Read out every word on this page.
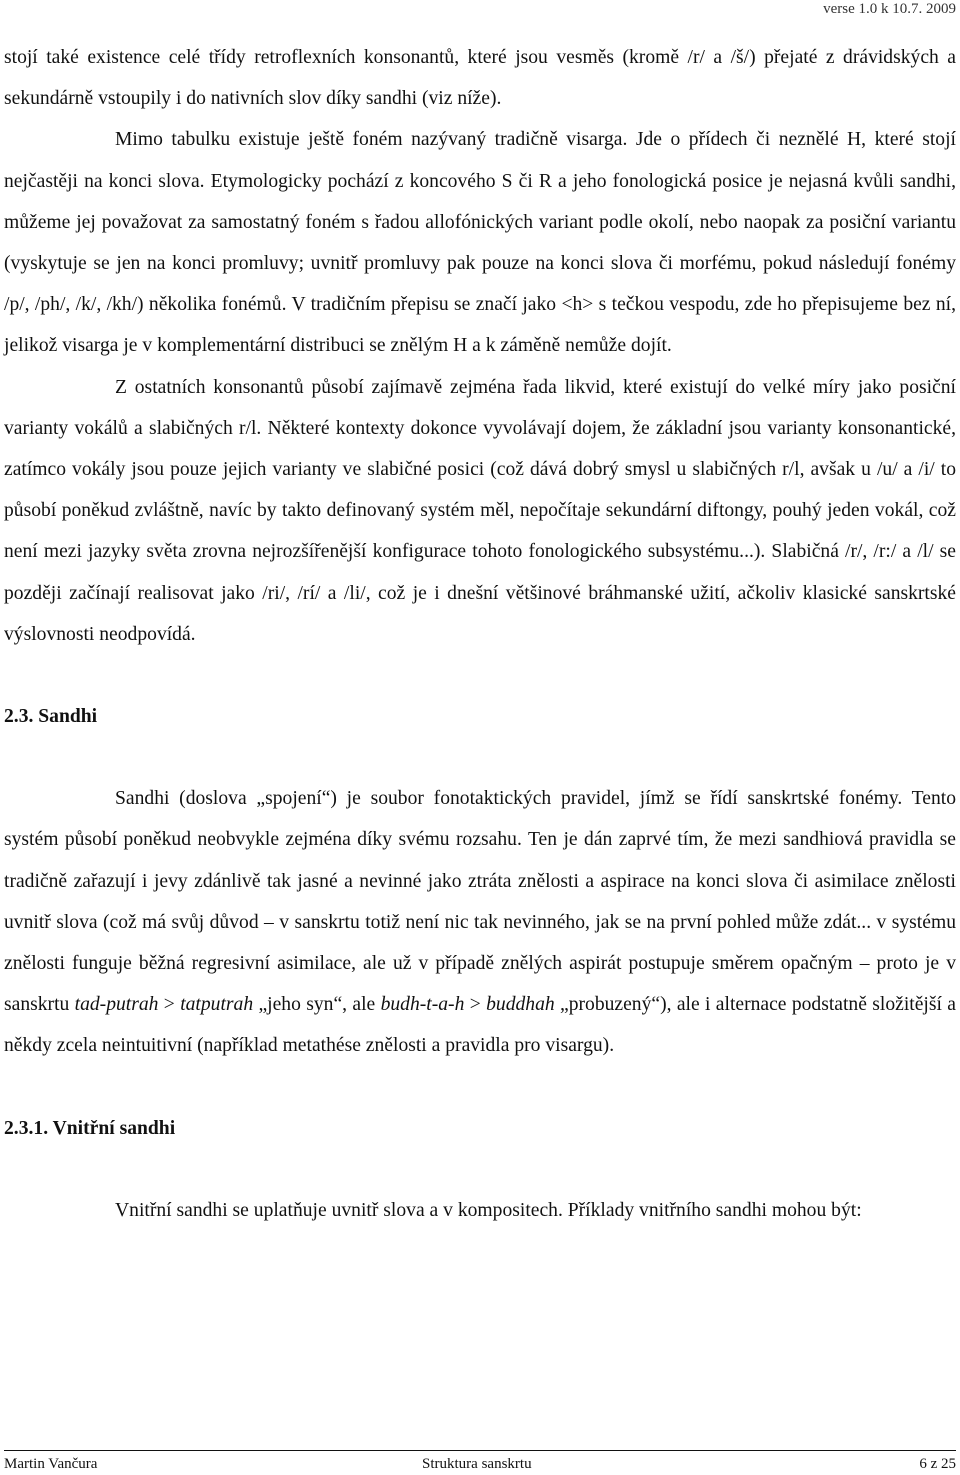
verse 1.0 k 10.7. 2009

stojí také existence celé třídy retroflexních konsonantů, které jsou vesměs (kromě /r/ a /š/) přejaté z drávidských a sekundárně vstoupily i do nativních slov díky sandhi (viz níže).

Mimo tabulku existuje ještě foném nazývaný tradičně visarga. Jde o přídech či neznělé H, které stojí nejčastěji na konci slova. Etymologicky pochází z koncového S či R a jeho fonologická posice je nejasná kvůli sandhi, můžeme jej považovat za samostatný foném s řadou allofónických variant podle okolí, nebo naopak za posiční variantu (vyskytuje se jen na konci promluvy; uvnitř promluvy pak pouze na konci slova či morfému, pokud následují fonémy /p/, /ph/, /k/, /kh/) několika fonémů. V tradičním přepisu se značí jako <h> s tečkou vespodu, zde ho přepisujeme bez ní, jelikož visarga je v komplementární distribuci se znělým H a k záměně nemůže dojít.

Z ostatních konsonantů působí zajímavě zejména řada likvid, které existují do velké míry jako posiční varianty vokálů a slabičných r/l. Některé kontexty dokonce vyvolávají dojem, že základní jsou varianty konsonantické, zatímco vokály jsou pouze jejich varianty ve slabičné posici (což dává dobrý smysl u slabičných r/l, avšak u /u/ a /i/ to působí poněkud zvláštně, navíc by takto definovaný systém měl, nepočítaje sekundární diftongy, pouhý jeden vokál, což není mezi jazyky světa zrovna nejrozšířenější konfigurace tohoto fonologického subsystému...). Slabičná /r/, /r:/ a /l/ se později začínají realisovat jako /ri/, /rí/ a /li/, což je i dnešní většinové bráhmanské užití, ačkoliv klasické sanskrtské výslovnosti neodpovídá.

2.3. Sandhi

Sandhi (doslova „spojení“) je soubor fonotaktických pravidel, jímž se řídí sanskrtské fonémy. Tento systém působí poněkud neobvykle zejména díky svému rozsahu. Ten je dán zaprvé tím, že mezi sandhiová pravidla se tradičně zařazují i jevy zdánlivě tak jasné a nevinné jako ztráta znělosti a aspirace na konci slova či asimilace znělosti uvnitř slova (což má svůj důvod – v sanskrtu totiž není nic tak nevinného, jak se na první pohled může zdát... v systému znělosti funguje běžná regresivní asimilace, ale už v případě znělých aspirát postupuje směrem opačným – proto je v sanskrtu tad-putrah > tatputrah „jeho syn“, ale budh-t-a-h > buddhah „probuzený“), ale i alternace podstatně složitější a někdy zcela neintuitivní (například metathése znělosti a pravidla pro visargu).

2.3.1. Vnitřní sandhi

Vnitřní sandhi se uplatňuje uvnitř slova a v kompositech. Příklady vnitřního sandhi mohou být:

Martin Vančura	Struktura sanskrtu	6 z 25
